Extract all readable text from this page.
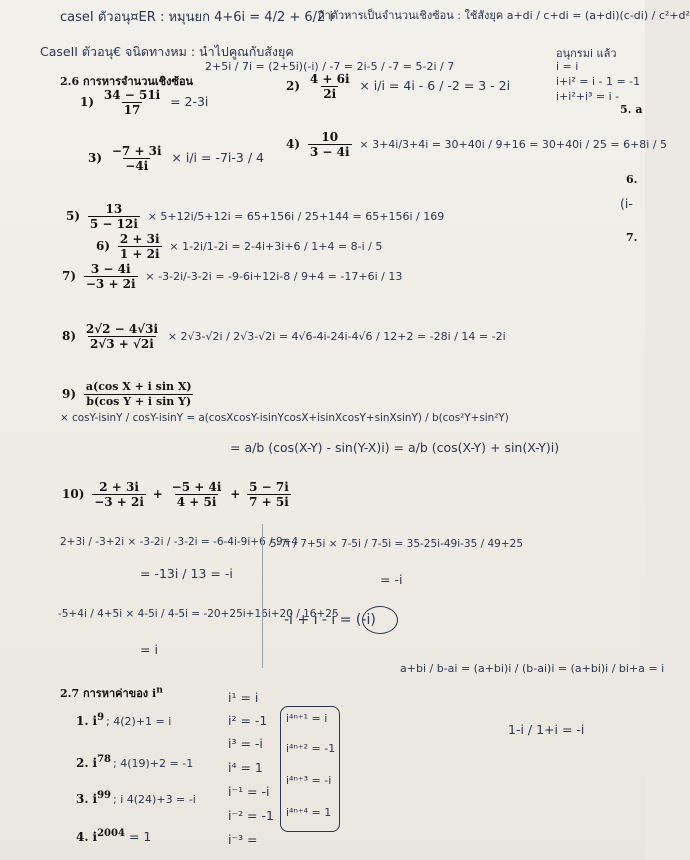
caseI ตัวอนุ¤ER : หมุนยก 4+6i = 4/2 + 6/2 i
ถ้าตัวหารเป็นจำนวนเชิงซ้อน : ใช้สังยุค a+di / c+di = (a+di)(c-di) / c²+d²
CaseII ตัวอนุ€ จนิดทางหม : นำไปคูณกับสังยุค
2+5i / 7i = (2+5i)(-i) / -7 = 2i-5 / -7 = 5-2i / 7
อนุกรมi แล้ว
i = i
i+i² = i - 1 = -1
i+i²+i³ = i -
5. a
6.
(i-
7.
2.6 การหารจำนวนเชิงซ้อน
$1) \frac{34 - 51i}{17} = 2-3i$
$2) \frac{4 + 6i}{2i} \times i/i = 4i - 6 / -2 = 3 - 2i$
$3) \frac{-7 + 3i}{-4i} \times i/i = -7i-3 / 4$
$4) \frac{10}{3 - 4i} \times 3+4i/3+4i = 30+40i / 9+16 = 30+40i / 25 = 6+8i / 5$
$5) \frac{13}{5 - 12i} \times 5+12i/5+12i = 65+156i / 25+144 = 65+156i / 169$
$6) \frac{2 + 3i}{1 + 2i} \times 1-2i/1-2i = 2-4i+3i+6 / 1+4 = 8-i / 5$
$7) \frac{3 - 4i}{-3 + 2i} \times -3-2i/-3-2i = -9-6i+12i-8 / 9+4 = -17+6i / 13$
$8) \frac{2√2 - 4√3i}{2√3 + √2i} \times 2√3-√2i / 2√3-√2i = 4√6-4i-24i-4√6 / 12+2 = -28i / 14 = -2i$
$9) \frac{\text{a(cos X + i sin X)}}{\text{b(cos Y + i sin Y)}}$
× cosY-isinY / cosY-isinY = a(cosXcosY-isinYcosX+isinXcosY+sinXsinY) / b(cos²Y+sin²Y)
= a/b (cos(X-Y) - sin(Y-X)i) = a/b (cos(X-Y) + sin(X-Y)i)
$10) \frac{2 + 3i}{-3 + 2i} + \frac{-5 + 4i}{4 + 5i} + \frac{5 - 7i}{7 + 5i}$
2+3i / -3+2i × -3-2i / -3-2i = -6-4i-9i+6 / 9+4
= -13i / 13 = -i
-5+4i / 4+5i × 4-5i / 4-5i = -20+25i+16i+20 / 16+25
= i
5-7i / 7+5i × 7-5i / 7-5i = 35-25i-49i-35 / 49+25
= -i
-i + i - i = (-i)
a+bi / b-ai = (a+bi)i / (b-ai)i = (a+bi)i / bi+a = i
1-i / 1+i = -i
2.7 การหาค่าของ $i^n$
1. $i^9$ ; 4(2)+1 = i
2. $i^{78}$ ; 4(19)+2 = -1
3. $i^{99}$ ; i 4(24)+3 = -i
4. $i^{2004} = 1$
i¹ = i
i² = -1
i³ = -i
i⁴ = 1
i⁻¹ = -i
i⁻² = -1
i⁻³ =
i⁴ⁿ⁺¹ = i
i⁴ⁿ⁺² = -1
i⁴ⁿ⁺³ = -i
i⁴ⁿ⁺⁴ = 1
